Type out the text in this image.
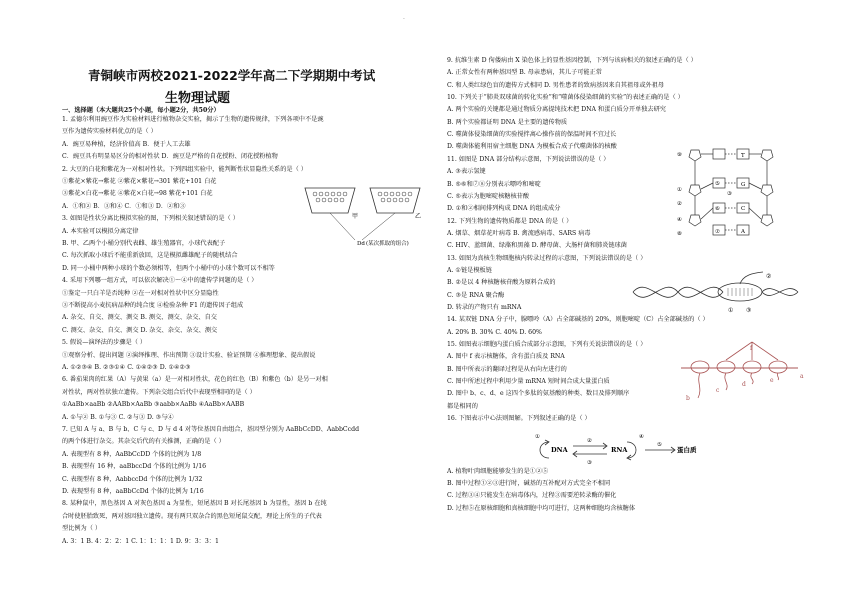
.
青铜峡市两校2021-2022学年高二下学期期中考试
生物理试题
一、选择题（本大题共25个小题，每小题2分，共50分）
1. 孟德尔利用豌豆作为实验材料进行植物杂交实验，揭示了生物的遗传规律，下列各项中不是豌
豆作为遗传实验材料优点的是（ ）
A．豌豆易种植，经济价值高 B．便于人工去雄
C．豌豆具有明显易区分的相对性状 D．豌豆是严格的自花授粉、闭花授粉植物
2. 大豆的白花和紫花为一对相对性状。下列四组实验中，能判断性状显隐性关系的是（ ）
①紫花×紫花→紫花 ②紫花×紫花→301 紫花+101 白花
③紫花×白花→紫花 ④紫花×白花→98 紫花+101 白花
A．①和② B．③和④ C．①和③ D．②和③
3. 如图是性状分离比模拟实验的图，下列相关叙述错误的是（ ）
A. 本实验可以模拟分离定律
B. 甲、乙两个小桶分别代表雌、雄生殖器官，小球代表配子
C. 每次抓取小球后不能重新放回，这是模拟雌雄配子的随机结合
D. 同一小桶中两种小球的个数必须相等，但两个小桶中的小球个数可以不相等
4. 采用下列哪一组方式，可以依次解决①～④中的遗传学问题的是（ ）
①鉴定一只白羊是否纯种 ②在一对相对性状中区分显隐性
③不断提高小麦抗病品种的纯合度 ④检验杂种 F1 的遗传因子组成
A. 杂交、自交、测交、测交 B. 测交、测交、杂交、自交
C. 测交、杂交、自交、测交 D. 杂交、杂交、杂交、测交
5. 假说—演绎法的步骤是（ ）
①观察分析、提出问题 ②演绎推理、作出预期 ③设计实验、验证预期 ④推理想象、提出假说
A. ①②③④ B. ②③①④ C. ①④②③ D. ①④②③
6. 番茄果肉的红果（A）与黄果（a）是一对相对性状，花色的红色（B）和紫色（b）是另一对相
对性状，两对性状独立遗传。下列杂交组合后代中表现型相同的是（ ）
①AaBb×aaBb ②AABb×AaBb ③aabb×AaBb ④AaBb×AABB
A. ①与② B. ①与③ C. ②与③ D. ③与④
7. 已知 A 与 a、B 与 b、C 与 c、D 与 d 4 对等位基因自由组合，基因型分别为 AaBbCcDD、AabbCcdd
的两个体进行杂交。其杂交后代的有关推测，正确的是（ ）
A. 表现型有 8 种，AaBbCcDD 个体的比例为 1/8
B. 表现型有 16 种，aaBbccDd 个体的比例为 1/16
C. 表现型有 8 种，AabbccDd 个体的比例为 1/32
D. 表现型有 8 种，aaBbCcDd 个体的比例为 1/16
8. 某种鼠中，黑色基因 A 对灰色基因 a 为显性，短尾基因 B 对长尾基因 b 为显性，基因 b 在纯
合时使胚胎致死，两对基因独立遗传。现有两只双杂合的黑色短尾鼠交配，理论上所生的子代表
型比例为（ ）
A. 3：1 B. 4：2：2：1 C. 1：1：1：1 D. 9：3：3：1
9. 抗维生素 D 佝偻病由 X 染色体上的显性基因控制，下列与该病相关的叙述正确的是（ ）
A. 正常女性有两种基因型 B. 母亲患病，其儿子可能正常
C. 和人类红绿色盲的遗传方式相同 D. 男性患者的致病基因来自其祖母或外祖母
10. 下列关于“肺炎双球菌的转化实验”和“噬菌体侵染细菌的实验”的表述正确的是（ ）
A. 两个实验的关键都是通过物质分离提纯技术把 DNA 和蛋白质分开单独去研究
B. 两个实验都证明 DNA 是主要的遗传物质
C. 噬菌体侵染细菌的实验搅拌离心操作前的保温时间不宜过长
D. 噬菌体能利用宿主细胞 DNA 为模板合成子代噬菌体的核酸
11. 如图是 DNA 部分结构示意图，下列说法错误的是（ ）
A. ③表示氢键
B. ⑤⑥和⑦⑧分别表示嘌呤和嘧啶
C. ⑤表示为胞嘧啶核糖核苷酸
D. ①和②相间排列构成 DNA 的组成成分
12. 下列生物的遗传物质都是 DNA 的是（ ）
A. 烟草、烟草花叶病毒 B. 禽流感病毒、SARS 病毒
C. HIV、蓝细菌、绿藻和黑藻 D. 酵母菌、大肠杆菌和肺炎链球菌
13. 如图为真核生物细胞核内转录过程的示意图，下列说法错误的是（ ）
A. ①链是模板链
B. ②是以 4 种核糖核苷酸为原料合成的
C. ③是 RNA 聚合酶
D. 转录的产物只有 mRNA
14. 某双链 DNA 分子中，腺嘌呤（A）占全部碱基的 20%，则胞嘧啶（C）占全部碱基的（ ）
A. 20% B. 30% C. 40% D. 60%
15. 如图表示细胞内蛋白质合成部分示意图，下列有关说法错误的是（ ）
A. 图中 f 表示核糖体，含有蛋白质及 RNA
B. 图中所表示的翻译过程是从右向左进行的
C. 图中所述过程中利用少量 mRNA 短时间合成大量蛋白质
D. 图中 b、c、d、e 这四个多肽的氨基酸的种类、数目及排列顺序
都是相同的
16. 下图表示中心法则图解。下列叙述正确的是（ ）
A. 植物叶肉细胞能够发生的是①②⑤
B. 图中过程①②③进行时，碱基的互补配对方式完全不相同
C. 过程③④只能发生在病毒体内，过程③需要逆转录酶的催化
D. 过程⑤在原核细胞和真核细胞中均可进行，这两种细胞均含核糖体
甲	乙
Dd (某次抓取的组合)
⑨	T
⑤
⑥
G
⑦
⑧
④
③
②
①
A
C
①
②
③
f
a
b
c
d
e
DNA	RNA	蛋白质
①
②
③
④
⑤
